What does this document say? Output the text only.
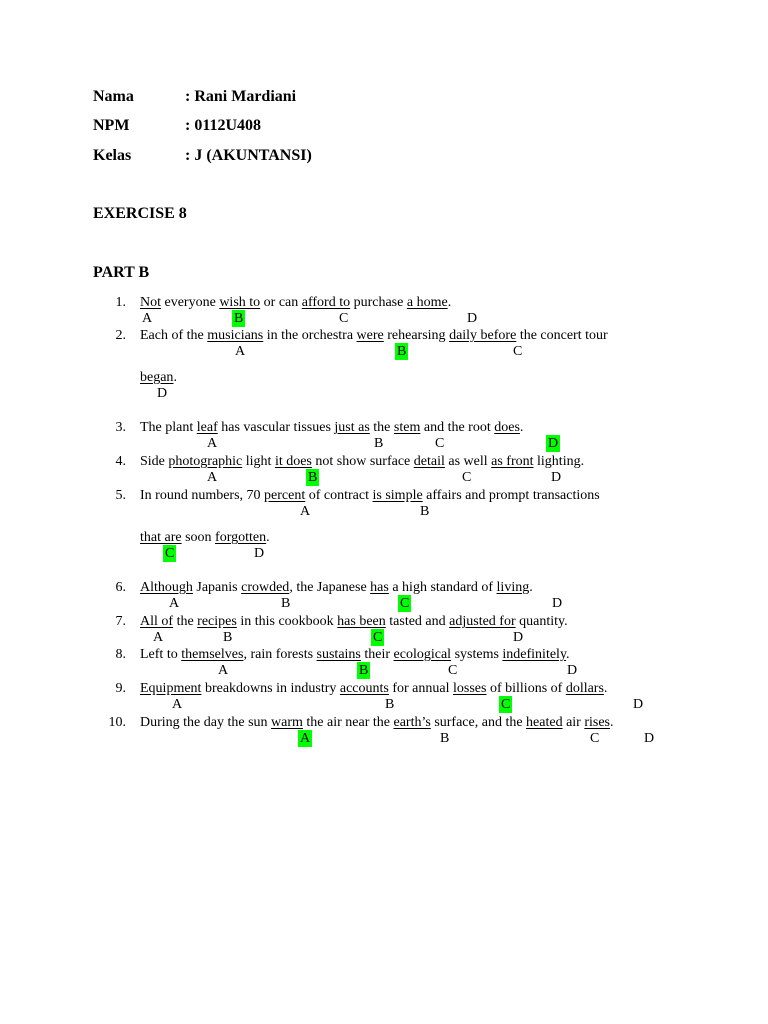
Nama	: Rani Mardiani
NPM	: 0112U408
Kelas	: J (AKUNTANSI)
EXERCISE 8
PART B
1. Not everyone wish to or can afford to purchase a home.
A	B	C	D
2. Each of the musicians in the orchestra were rehearsing daily before the concert tour
A	B	C
began.
D
3. The plant leaf has vascular tissues just as the stem and the root does.
A	B	C	D
4. Side photographic light it does not show surface detail as well as front lighting.
A	B	C	D
5. In round numbers, 70 percent of contract is simple affairs and prompt transactions
A	B
that are soon forgotten.
C	D
6. Although Japanis crowded, the Japanese has a high standard of living.
A	B	C	D
7. All of the recipes in this cookbook has been tasted and adjusted for quantity.
A	B	C	D
8. Left to themselves, rain forests sustains their ecological systems indefinitely.
A	B	C	D
9. Equipment breakdowns in industry accounts for annual losses of billions of dollars.
A	B	C	D
10. During the day the sun warm the air near the earth’s surface, and the heated air rises.
A	B	C	D
